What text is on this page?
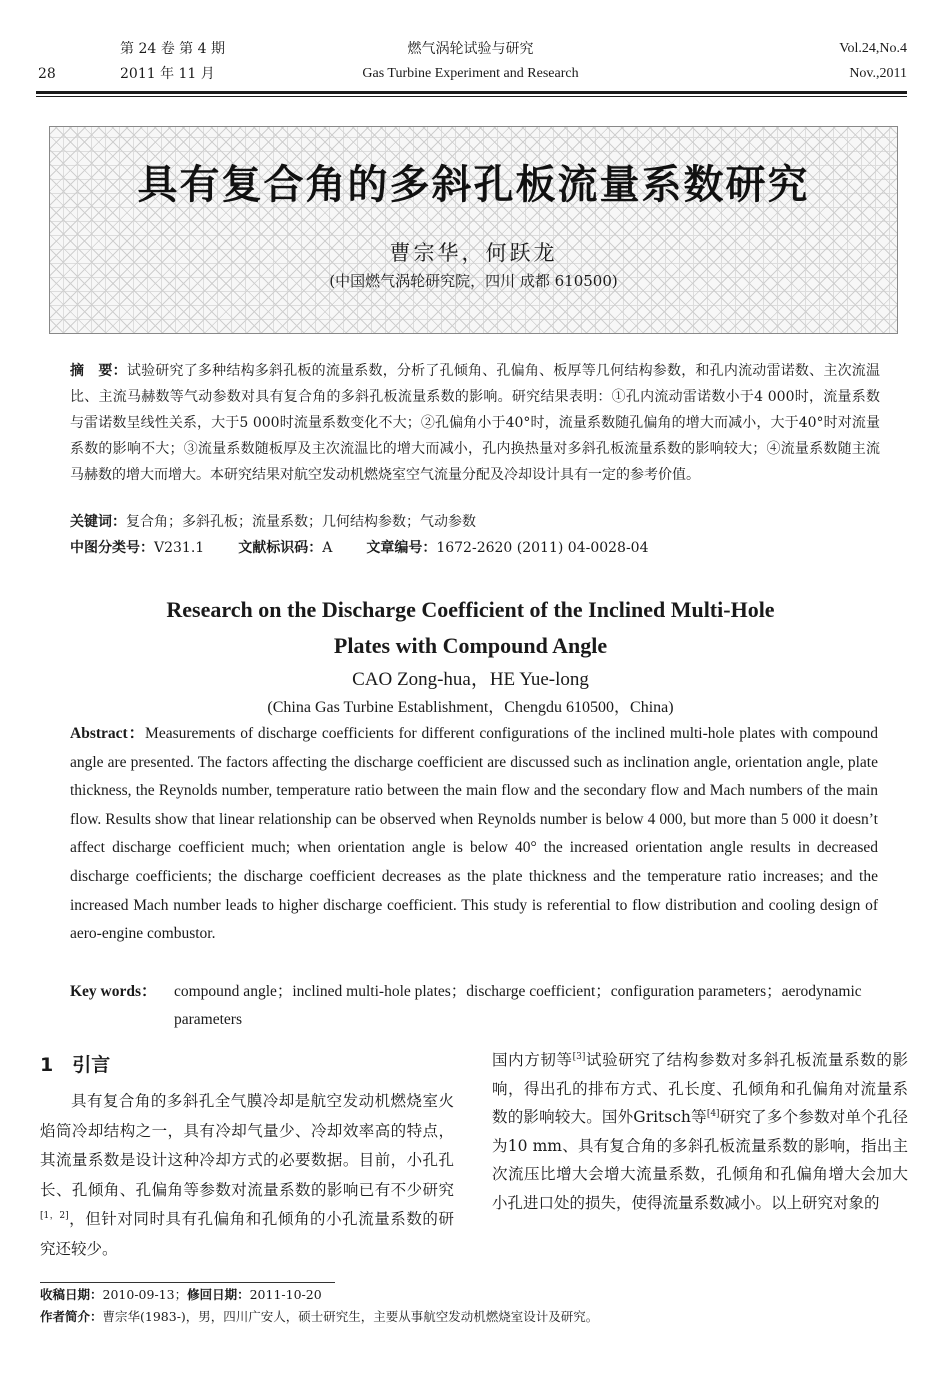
28
第 24 卷 第 4 期
2011 年 11 月
燃气涡轮试验与研究
Gas Turbine Experiment and Research
Vol.24,No.4
Nov.,2011
具有复合角的多斜孔板流量系数研究
曹宗华，何跃龙
(中国燃气涡轮研究院，四川 成都 610500)
摘　要：试验研究了多种结构多斜孔板的流量系数，分析了孔倾角、孔偏角、板厚等几何结构参数，和孔内流动雷诺数、主次流温比、主流马赫数等气动参数对具有复合角的多斜孔板流量系数的影响。研究结果表明：①孔内流动雷诺数小于4 000时，流量系数与雷诺数呈线性关系，大于5 000时流量系数变化不大；②孔偏角小于40°时，流量系数随孔偏角的增大而减小，大于40°时对流量系数的影响不大；③流量系数随板厚及主次流温比的增大而减小，孔内换热量对多斜孔板流量系数的影响较大；④流量系数随主流马赫数的增大而增大。本研究结果对航空发动机燃烧室空气流量分配及冷却设计具有一定的参考价值。
关键词：复合角；多斜孔板；流量系数；几何结构参数；气动参数
中图分类号：V231.1 文献标识码：A 文章编号：1672-2620 (2011) 04-0028-04
Research on the Discharge Coefficient of the Inclined Multi-Hole
Plates with Compound Angle
CAO Zong-hua，HE Yue-long
(China Gas Turbine Establishment，Chengdu 610500，China)
Abstract：Measurements of discharge coefficients for different configurations of the inclined multi-hole plates with compound angle are presented. The factors affecting the discharge coefficient are discussed such as inclination angle, orientation angle, plate thickness, the Reynolds number, temperature ratio between the main flow and the secondary flow and Mach numbers of the main flow. Results show that linear relationship can be observed when Reynolds number is below 4 000, but more than 5 000 it doesn’t affect discharge coefficient much; when orientation angle is below 40° the increased orientation angle results in decreased discharge coefficients; the discharge coefficient decreases as the plate thickness and the temperature ratio increases; and the increased Mach number leads to higher discharge coefficient. This study is referential to flow distribution and cooling design of aero-engine combustor.
Key words：	compound angle；inclined multi-hole plates；discharge coefficient；configuration parameters；aerodynamic parameters
1　引言
具有复合角的多斜孔全气膜冷却是航空发动机燃烧室火焰筒冷却结构之一，具有冷却气量少、冷却效率高的特点，其流量系数是设计这种冷却方式的必要数据。目前，小孔孔长、孔倾角、孔偏角等参数对流量系数的影响已有不少研究[1，2]，但针对同时具有孔偏角和孔倾角的小孔流量系数的研究还较少。
国内方韧等[3]试验研究了结构参数对多斜孔板流量系数的影响，得出孔的排布方式、孔长度、孔倾角和孔偏角对流量系数的影响较大。国外Gritsch等[4]研究了多个参数对单个孔径为10 mm、具有复合角的多斜孔板流量系数的影响，指出主次流压比增大会增大流量系数，孔倾角和孔偏角增大会加大小孔进口处的损失，使得流量系数减小。以上研究对象的
收稿日期：2010-09-13；修回日期：2011-10-20
作者简介：曹宗华(1983-)，男，四川广安人，硕士研究生，主要从事航空发动机燃烧室设计及研究。
